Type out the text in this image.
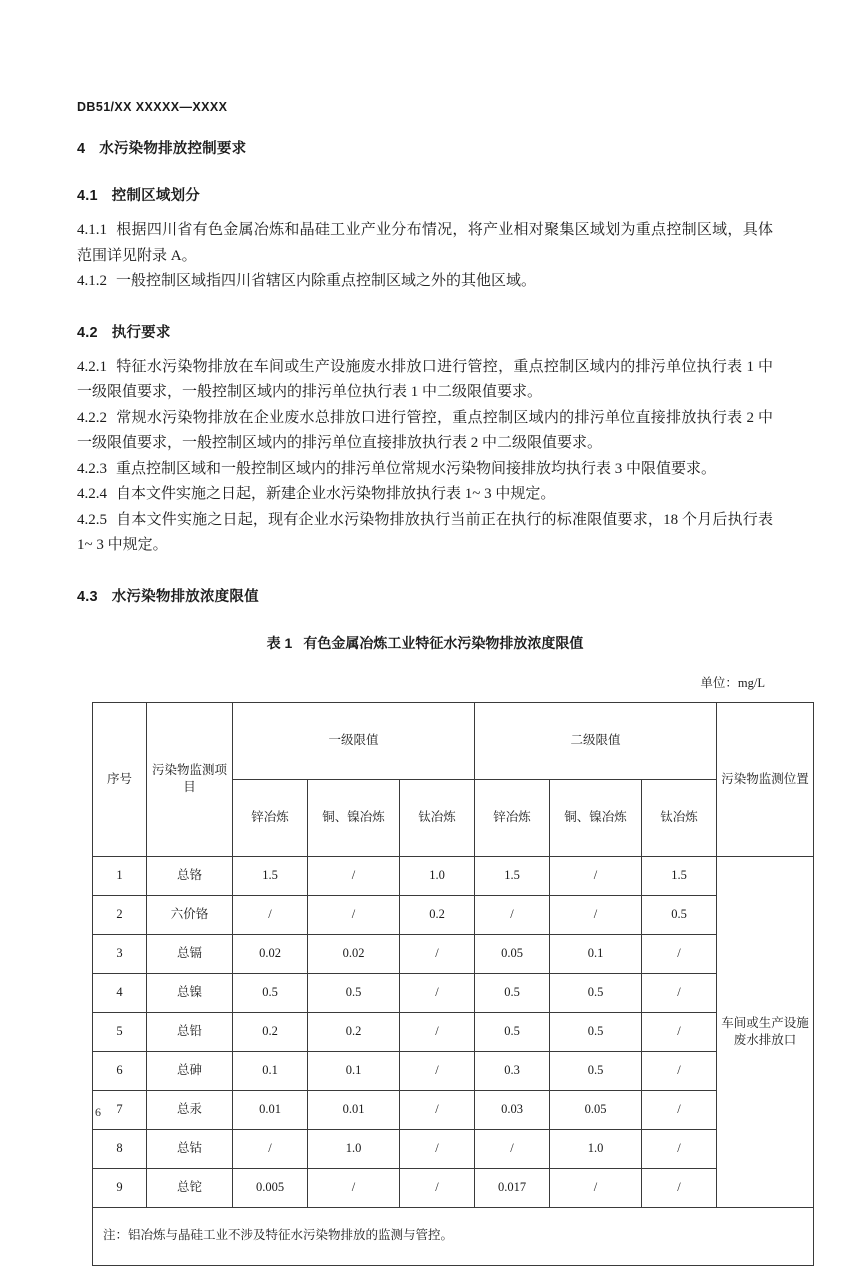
DB51/XX XXXXX—XXXX
4 水污染物排放控制要求
4.1 控制区域划分

4.1.1 根据四川省有色金属冶炼和晶硅工业产业分布情况，将产业相对聚集区域划为重点控制区域，具体范围详见附录 A。

4.1.2 一般控制区域指四川省辖区内除重点控制区域之外的其他区域。

4.2 执行要求

4.2.1 特征水污染物排放在车间或生产设施废水排放口进行管控，重点控制区域内的排污单位执行表 1 中一级限值要求，一般控制区域内的排污单位执行表 1 中二级限值要求。

4.2.2 常规水污染物排放在企业废水总排放口进行管控，重点控制区域内的排污单位直接排放执行表 2 中一级限值要求，一般控制区域内的排污单位直接排放执行表 2 中二级限值要求。

4.2.3 重点控制区域和一般控制区域内的排污单位常规水污染物间接排放均执行表 3 中限值要求。

4.2.4 自本文件实施之日起，新建企业水污染物排放执行表 1~ 3 中规定。

4.2.5 自本文件实施之日起，现有企业水污染物排放执行当前正在执行的标准限值要求，18 个月后执行表 1~ 3 中规定。

4.3 水污染物排放浓度限值
表 1 有色金属冶炼工业特征水污染物排放浓度限值
单位：mg/L
序号	污染物监测项目	一级限值			二级限值			污染物监测位置
		锌冶炼	铜、镍冶炼	钛冶炼	锌冶炼	铜、镍冶炼	钛冶炼	
1	总铬	1.5	/	1.0	1.5	/	1.5	车间或生产设施废水排放口
2	六价铬	/	/	0.2	/	/	0.5	
3	总镉	0.02	0.02	/	0.05	0.1	/	
4	总镍	0.5	0.5	/	0.5	0.5	/	
5	总铅	0.2	0.2	/	0.5	0.5	/	
6	总砷	0.1	0.1	/	0.3	0.5	/	
7	总汞	0.01	0.01	/	0.03	0.05	/	
8	总钴	/	1.0	/	/	1.0	/	
9	总铊	0.005	/	/	0.017	/	/	
注：铝冶炼与晶硅工业不涉及特征水污染物排放的监测与管控。								
6
